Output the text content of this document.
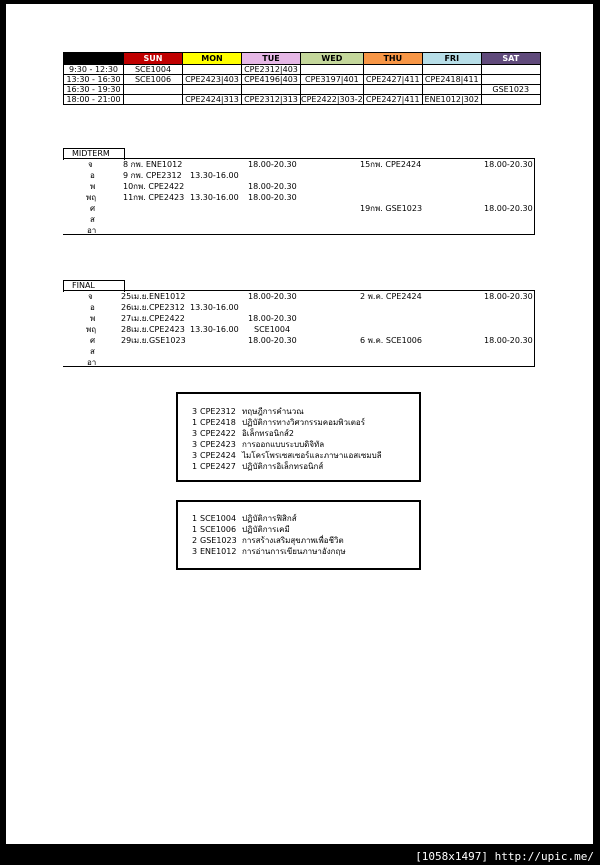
	SUN	MON	TUE	WED	THU	FRI	SAT
9:30 - 12:30	SCE1004		CPE2312|403				
13:30 - 16:30	SCE1006	CPE2423|403	CPE4196|403	CPE3197|401	CPE2427|411	CPE2418|411	
16:30 - 19:30							GSE1023
18:00 - 21:00		CPE2424|313	CPE2312|313	CPE2422|303-2	CPE2427|411	ENE1012|302	
MIDTERM
จ	8 กพ. ENE1012	18.00-20.30	15กพ. CPE2424	18.00-20.30
อ	9 กพ. CPE2312 13.30-16.00
พ	10กพ. CPE2422	18.00-20.30
พฤ	11กพ. CPE2423 13.30-16.00 18.00-20.30
ศ	19กพ. GSE1023	18.00-20.30
ส
อา
FINAL
จ	25เม.ย.ENE1012	18.00-20.30	2 พ.ค. CPE2424	18.00-20.30
อ	26เม.ย.CPE2312 13.30-16.00
พ	27เม.ย.CPE2422	18.00-20.30
พฤ	28เม.ย.CPE2423 13.30-16.00 SCE1004
ศ	29เม.ย.GSE1023	18.00-20.30	6 พ.ค. SCE1006	18.00-20.30
ส
อา
3 CPE2312 ทฤษฎีการคำนวณ
1 CPE2418 ปฏิบัติการทางวิศวกรรมคอมพิวเตอร์
3 CPE2422 อิเล็กทรอนิกส์2
3 CPE2423 การออกแบบระบบดิจิทัล
3 CPE2424 ไมโครโพรเซสเซอร์และภาษาแอสเซมบลี
1 CPE2427 ปฏิบัติการอิเล็กทรอนิกส์
1 SCE1004 ปฏิบัติการฟิสิกส์
1 SCE1006 ปฏิบัติการเคมี
2 GSE1023 การสร้างเสริมสุขภาพเพื่อชีวิต
3 ENE1012 การอ่านการเขียนภาษาอังกฤษ
[1058x1497] http://upic.me/
